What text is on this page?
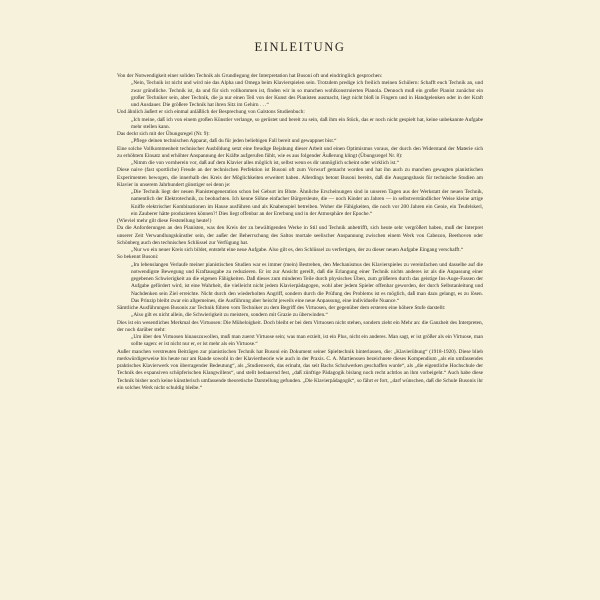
EINLEITUNG

Von der Notwendigkeit einer soliden Technik als Grundlegung der Interpretation hat Busoni oft und eindringlich gesprochen:

„Nein, Technik ist nicht und wird nie das Alpha und Omega beim Klavierspielen sein. Trotzdem predige ich freilich meinen Schülern: Schafft euch Technik an, und zwar gründliche. Technik ist, da und für sich vollkommen ist, finden wir in so manchen wohlkonstruierten Pianola. Dennoch muß ein großer Pianist zunächst ein großer Techniker sein, aber Technik, die ja nur einen Teil von der Kunst des Pianisten ausmacht, liegt nicht bloß in Fingern und in Handgelenken oder in der Kraft und Ausdauer. Die größere Technik hat ihren Sitz im Gehirn . . .“

Und ähnlich äußert er sich einmal anläßlich der Besprechung von Galstons Studienbuch:

„Ich meine, daß ich von einem großen Künstler verlange, so gerüstet und bereit zu sein, daß ihm ein Stück, das er noch nicht gespielt hat, keine unbekannte Aufgabe mehr stellen kann.

Das deckt sich mit der Übungsregel (Nr. 9):

„Pflege deinen technischen Apparat, daß du für jeden beliebigen Fall bereit und gewappnet bist.“

Eine solche Vollkommenheit technischer Ausbildung setzt eine freudige Bejahung dieser Arbeit und einen Optimismus voraus, der durch den Widerstand der Materie sich zu erhöhtem Einsatz und erhöhter Anspannung der Kräfte aufgerufen fühlt, wie es aus folgender Äußerung klingt (Übungsregel Nr. 8):

„Nimm die von vornherein vor, daß auf dem Klavier alles möglich ist, selbst wenn es dir unmöglich scheint oder wirklich ist.“

Diese naive (fast sportliche) Freude an der technischen Perfektion ist Busoni oft zum Vorwurf gemacht worden und hat ihn auch zu manchen gewagten pianistischen Experimenten bewogen, die innerhalb des Kreis der Möglichkeiten erweitert haben. Allerdings betont Busoni bereits, daß die Ausgangsbasis für technische Studien am Klavier in unserem Jahrhundert günstiger sei denn je:

„Die Technik liegt der neuen Pianistengeneration schon bei Geburt im Blute. Ähnliche Erscheinungen sind in unseren Tagen aus der Werkstatt der neuen Technik, namentlich der Elektrotechnik, zu beobachten. Ich kenne Söhne einfacher Bürgersleute, die — noch Kinder an Jahren — in selbstverständlicher Weise kleine artige Kniffe elektrischer Kombinationen im Hause ausführen und als Knabenspiel betreiben. Woher die Fähigkeiten, die noch vor 200 Jahren ein Genie, ein Teufelskerl, ein Zauberer hätte produzieren können?! Dies liegt offenbar an der Ererbung und in der Atmosphäre der Epoche.“

(Wieviel mehr gilt diese Feststellung heute!)

Da die Anforderungen an den Pianisten, was den Kreis der zu bewältigenden Werke in Stil und Technik anbetrifft, sich heute sehr vergrößert haben, muß der Interpret unserer Zeit Verwandlungskünstler sein, der außer der Beherrschung des Saltos mortale seelischer Anspannung zwischen einem Werk von Cabezon, Beethoven oder Schönberg auch den technischen Schlüssel zur Verfügung hat.

„Nur wo ein neuer Kreis sich bildet, entsteht eine neue Aufgabe. Also gilt es, den Schlüssel zu verfertigen, der zu dieser neuen Aufgabe Eingang verschafft.“

So bekennt Busoni:

„Im lebenslangen Verlaufe meiner pianistischen Studien war es immer (mein) Bestreben, den Mechanismus des Klavierspieles zu vereinfachen und dasselbe auf die notwendigste Bewegung und Kraftausgabe zu reduzieren. Er ist zur Ansicht gereift, daß die Erlangung einer Technik nichts anderes ist als die Anpassung einer gegebenen Schwierigkeit an die eigenen Fähigkeiten. Daß dieses zum minderen Teile durch physisches Üben, zum größeren durch das geistige Ins-Auge-Fassen der Aufgabe gefördert wird, ist eine Wahrheit, die vielleicht nicht jedem Klavierpädagogen, wohl aber jedem Spieler offenbar geworden, der durch Selbstanleitung und Nachdenken sein Ziel erreichte. Nicht durch den wiederholten Angriff, sondern durch die Prüfung des Problems ist es möglich, daß man dazu gelangt, es zu lösen. Das Prinzip bleibt zwar ein allgemeines, die Ausführung aber heischt jeweils eine neue Anpassung, eine individuelle Nuance.“

Sämtliche Ausführungen Busonis zur Technik führen vom Techniker zu dem Begriff des Virtuosen, der gegenüber dem ersteren eine höhere Stufe darstellt:

„Also gilt es nicht allein, die Schwierigkeit zu meistern, sondern mit Grazie zu überwinden.“

Dies ist ein wesentliches Merkmal des Virtuosen: Die Müheloigkeit. Doch bleibt er bei dem Virtuosen nicht stehen, sondern zieht ein Mehr an: die Ganzheit des Interpreten, der noch darüber steht:

„Um über den Virtuosen hinauszuwollen, muß man zuerst Virtuose sein; was man erzielt, ist ein Plus, nicht ein anderes. Man sagt, er ist größer als ein Virtuose, man sollte sagen: er ist nicht nur er, er ist mehr als ein Virtuose.“

Außer manchen verstreuten Beiträgen zur pianistischen Technik hat Busoni ein Dokument seiner Spieltechnik hinterlassen, die: „Klavierübung“ (1918-1920). Diese blieb merkwürdigerweise bis heute nur am Rande sowohl in der Klaviertheorie wie auch in der Praxis. C. A. Martienssen bezeichnete dieses Kompendium „als ein umfassendes praktisches Klavierwerk von überragender Bedeutung“, als „Studienwerk, das erinaht, das seit Bachs Schulwerken geschaffen wurde“, als „die eigentliche Hochschule der Technik des expansiven schöpferischen Klangwillens“, und stellt bedauernd fest, „daß zünftige Pädagogik bislang noch recht achtlos an ihm vorbeigeht.“ Auch habe diese Technik bisher noch keine künstlerisch umfassende theoretische Darstellung gefunden. „Die Klavierpädagogik“, so fährt er fort, „darf wünschen, daß die Schule Busonis ihr ein solches Werk nicht schuldig bleibe.“
